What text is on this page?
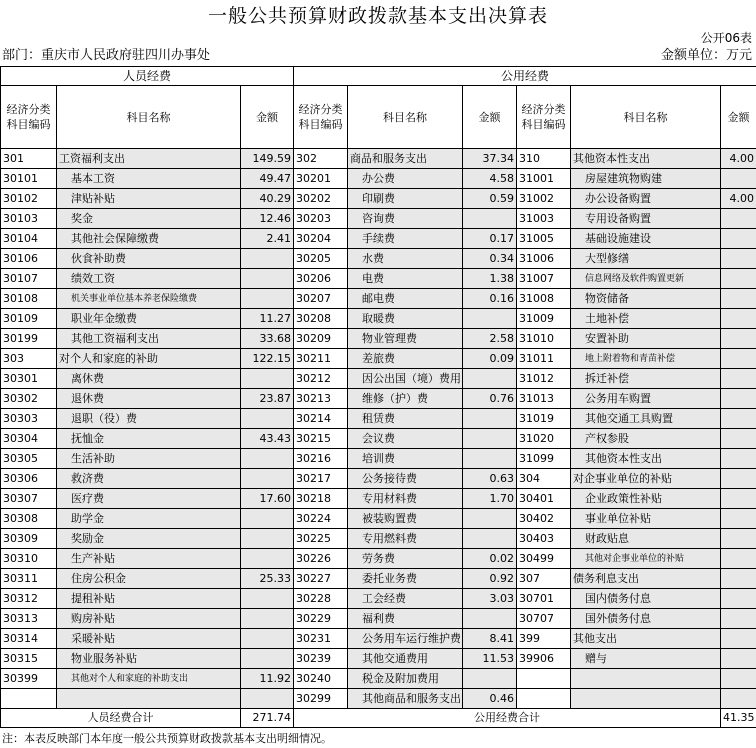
一般公共预算财政拨款基本支出决算表
公开06表
部门：重庆市人民政府驻四川办事处	金额单位：万元
人员经费			公用经费					
经济分类科目编码	科目名称	金额	经济分类科目编码	科目名称	金额	经济分类科目编码	科目名称	金额
301	工资福利支出	149.59	302	商品和服务支出	37.34	310	其他资本性支出	4.00
30101	基本工资	49.47	30201	办公费	4.58	31001	房屋建筑物购建	
30102	津贴补贴	40.29	30202	印刷费	0.59	31002	办公设备购置	4.00
30103	奖金	12.46	30203	咨询费		31003	专用设备购置	
30104	其他社会保障缴费	2.41	30204	手续费	0.17	31005	基础设施建设	
30106	伙食补助费		30205	水费	0.34	31006	大型修缮	
30107	绩效工资		30206	电费	1.38	31007	信息网络及软件购置更新	
30108	机关事业单位基本养老保险缴费		30207	邮电费	0.16	31008	物资储备	
30109	职业年金缴费	11.27	30208	取暖费		31009	土地补偿	
30199	其他工资福利支出	33.68	30209	物业管理费	2.58	31010	安置补助	
303	对个人和家庭的补助	122.15	30211	差旅费	0.09	31011	地上附着物和青苗补偿	
30301	离休费		30212	因公出国（境）费用		31012	拆迁补偿	
30302	退休费	23.87	30213	维修（护）费	0.76	31013	公务用车购置	
30303	退职（役）费		30214	租赁费		31019	其他交通工具购置	
30304	抚恤金	43.43	30215	会议费		31020	产权参股	
30305	生活补助		30216	培训费		31099	其他资本性支出	
30306	救济费		30217	公务接待费	0.63	304	对企事业单位的补贴	
30307	医疗费	17.60	30218	专用材料费	1.70	30401	企业政策性补贴	
30308	助学金		30224	被装购置费		30402	事业单位补贴	
30309	奖励金		30225	专用燃料费		30403	财政贴息	
30310	生产补贴		30226	劳务费	0.02	30499	其他对企事业单位的补贴	
30311	住房公积金	25.33	30227	委托业务费	0.92	307	债务利息支出	
30312	提租补贴		30228	工会经费	3.03	30701	国内债务付息	
30313	购房补贴		30229	福利费		30707	国外债务付息	
30314	采暖补贴		30231	公务用车运行维护费	8.41	399	其他支出	
30315	物业服务补贴		30239	其他交通费用	11.53	39906	赠与	
30399	其他对个人和家庭的补助支出	11.92	30240	税金及附加费用				
			30299	其他商品和服务支出	0.46			
人员经费合计		271.74	公用经费合计					41.35
注：本表反映部门本年度一般公共预算财政拨款基本支出明细情况。
